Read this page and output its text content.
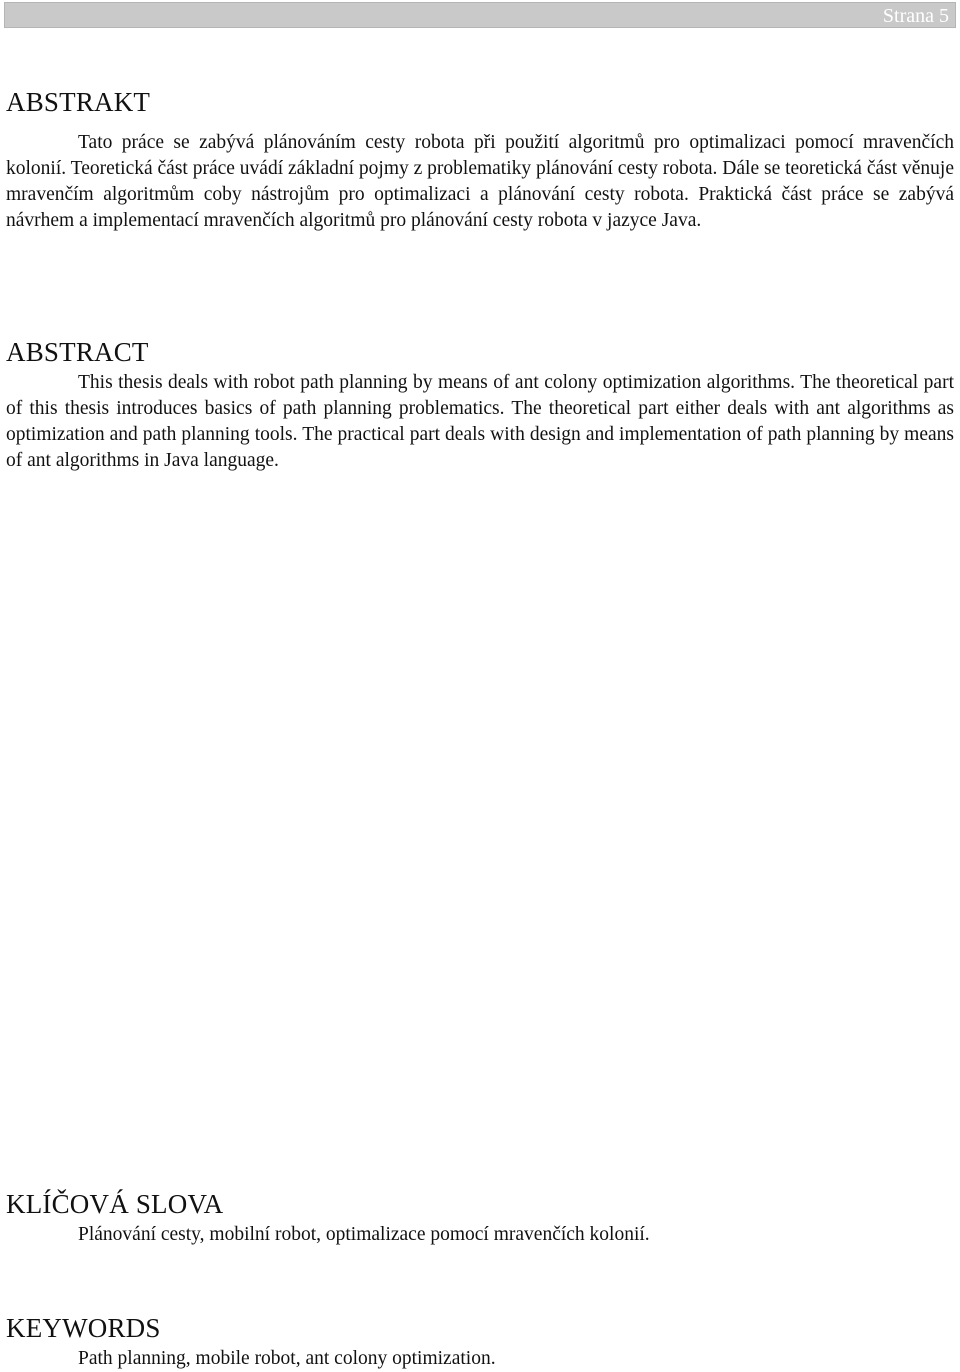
Strana 5
ABSTRAKT

Tato práce se zabývá plánováním cesty robota při použití algoritmů pro optimalizaci pomocí mravenčích kolonií. Teoretická část práce uvádí základní pojmy z problematiky plánování cesty robota. Dále se teoretická část věnuje mravenčím algoritmům coby nástrojům pro optimalizaci a plánování cesty robota. Praktická část práce se zabývá návrhem a implementací mravenčích algoritmů pro plánování cesty robota v jazyce Java.

ABSTRACT

This thesis deals with robot path planning by means of ant colony optimization algorithms. The theoretical part of this thesis introduces basics of path planning problematics. The theoretical part either deals with ant algorithms as optimization and path planning tools. The practical part deals with design and implementation of path planning by means of ant algorithms in Java language.

KLÍČOVÁ SLOVA

Plánování cesty, mobilní robot, optimalizace pomocí mravenčích kolonií.

KEYWORDS

Path planning, mobile robot, ant colony optimization.
